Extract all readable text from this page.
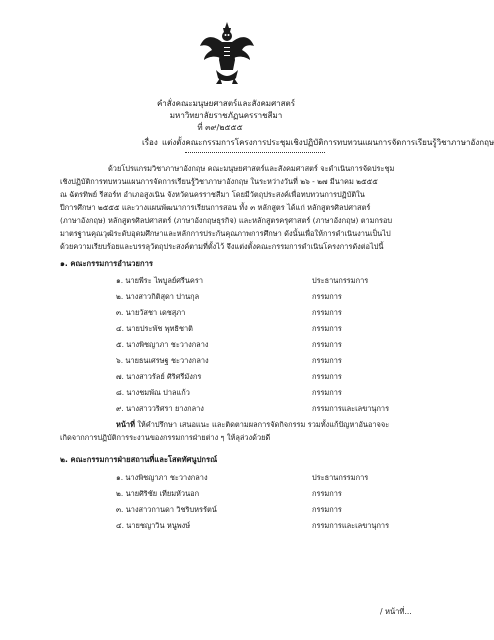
คำสั่งคณะมนุษยศาสตร์และสังคมศาสตร์
มหาวิทยาลัยราชภัฏนครราชสีมา
ที่ ๓๙/๒๕๕๕
เรื่อง แต่งตั้งคณะกรรมการโครงการประชุมเชิงปฏิบัติการทบทวนแผนการจัดการเรียนรู้วิชาภาษาอังกฤษ
ด้วยโปรแกรมวิชาภาษาอังกฤษ คณะมนุษยศาสตร์และสังคมศาสตร์ จะดำเนินการจัดประชุม
เชิงปฏิบัติการทบทวนแผนการจัดการเรียนรู้วิชาภาษาอังกฤษ ในระหว่างวันที่ ๒๖ - ๒๗ มีนาคม ๒๕๕๕
ณ ฉัตรทิพย์ รีสอร์ท อำเภอสูงเนิน จังหวัดนครราชสีมา โดยมีวัตถุประสงค์เพื่อทบทวนการปฏิบัติใน
ปีการศึกษา ๒๕๕๕ และวางแผนพัฒนาการเรียนการสอน ทั้ง ๓ หลักสูตร ได้แก่ หลักสูตรศิลปศาสตร์
(ภาษาอังกฤษ) หลักสูตรศิลปศาสตร์ (ภาษาอังกฤษธุรกิจ) และหลักสูตรครุศาสตร์ (ภาษาอังกฤษ) ตามกรอบ
มาตรฐานคุณวุฒิระดับอุดมศึกษาและหลักการประกันคุณภาพการศึกษา ดังนั้นเพื่อให้การดำเนินงานเป็นไป
ด้วยความเรียบร้อยและบรรลุวัตถุประสงค์ตามที่ตั้งไว้ จึงแต่งตั้งคณะกรรมการดำเนินโครงการดังต่อไปนี้
๑. คณะกรรมการอำนวยการ
๑. นายพีระ ไพบูลย์ศรีนครา	ประธานกรรมการ
๒. นางสาวกิติสุดา ปานกุล	กรรมการ
๓. นายวัสชา เดชสุภา	กรรมการ
๔. นายประพัช พุทธิชาติ	กรรมการ
๕. นางพิชญาภา ชะวางกลาง	กรรมการ
๖. นายธนเศรษฐ ชะวางกลาง	กรรมการ
๗. นางสาวรัลย์ ศิริศรีมังกร	กรรมการ
๘. นางชมพัณ ปาลแก้ว	กรรมการ
๙. นางสาววริศรา ยางกลาง	กรรมการและเลขานุการ
หน้าที่ ให้คำปรึกษา เสนอแนะ และติดตามผลการจัดกิจกรรม รวมทั้งแก้ปัญหาอันอาจจะ
เกิดจากการปฏิบัติการระงานของกรรมการฝ่ายต่าง ๆ ให้ลุล่วงด้วยดี
๒. คณะกรรมการฝ่ายสถานที่และโสตทัศนูปกรณ์
๑. นางพิชญาภา ชะวางกลาง	ประธานกรรมการ
๒. นายศิริชัย เทียมหัวนอก	กรรมการ
๓. นางสาวกานดา วิชริบหรรัตน์	กรรมการ
๔. นายชญาวิน หนูพงษ์	กรรมการและเลขานุการ
/ หน้าที่...
